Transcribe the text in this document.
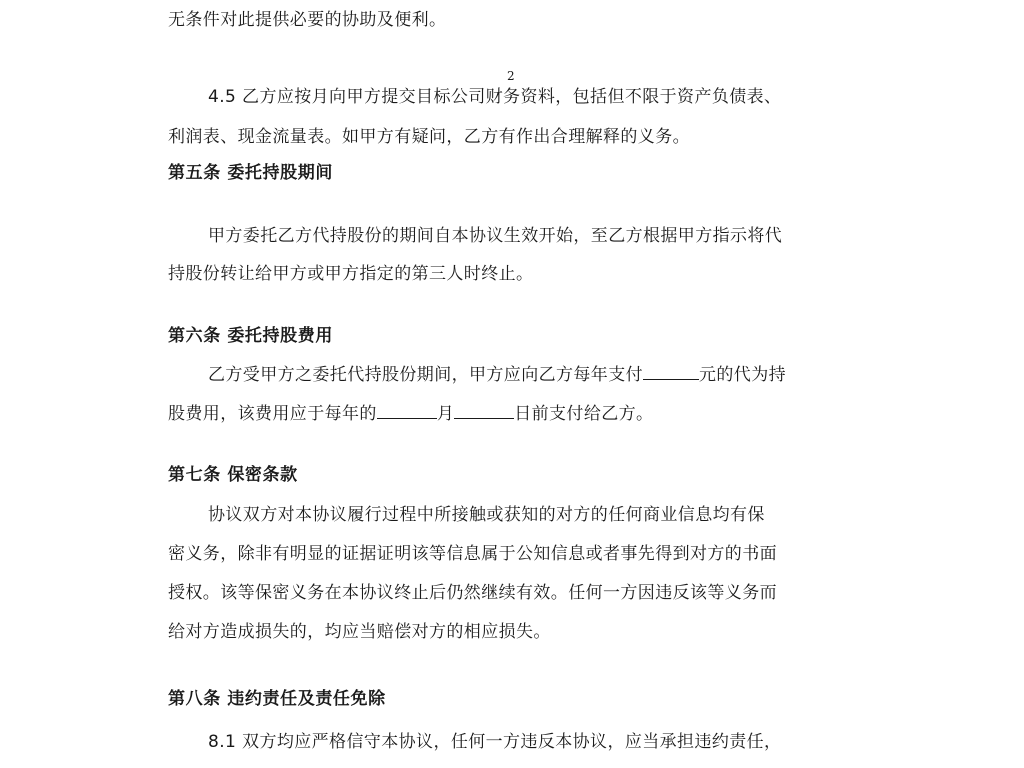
无条件对此提供必要的协助及便利。
2
4.5 乙方应按月向甲方提交目标公司财务资料，包括但不限于资产负债表、
利润表、现金流量表。如甲方有疑问，乙方有作出合理解释的义务。
第五条 委托持股期间
甲方委托乙方代持股份的期间自本协议生效开始，至乙方根据甲方指示将代
持股份转让给甲方或甲方指定的第三人时终止。
第六条 委托持股费用
乙方受甲方之委托代持股份期间，甲方应向乙方每年支付	元的代为持
股费用，该费用应于每年的	月	日前支付给乙方。
第七条 保密条款
协议双方对本协议履行过程中所接触或获知的对方的任何商业信息均有保
密义务，除非有明显的证据证明该等信息属于公知信息或者事先得到对方的书面
授权。该等保密义务在本协议终止后仍然继续有效。任何一方因违反该等义务而
给对方造成损失的，均应当赔偿对方的相应损失。
第八条 违约责任及责任免除
8.1 双方均应严格信守本协议，任何一方违反本协议，应当承担违约责任，
